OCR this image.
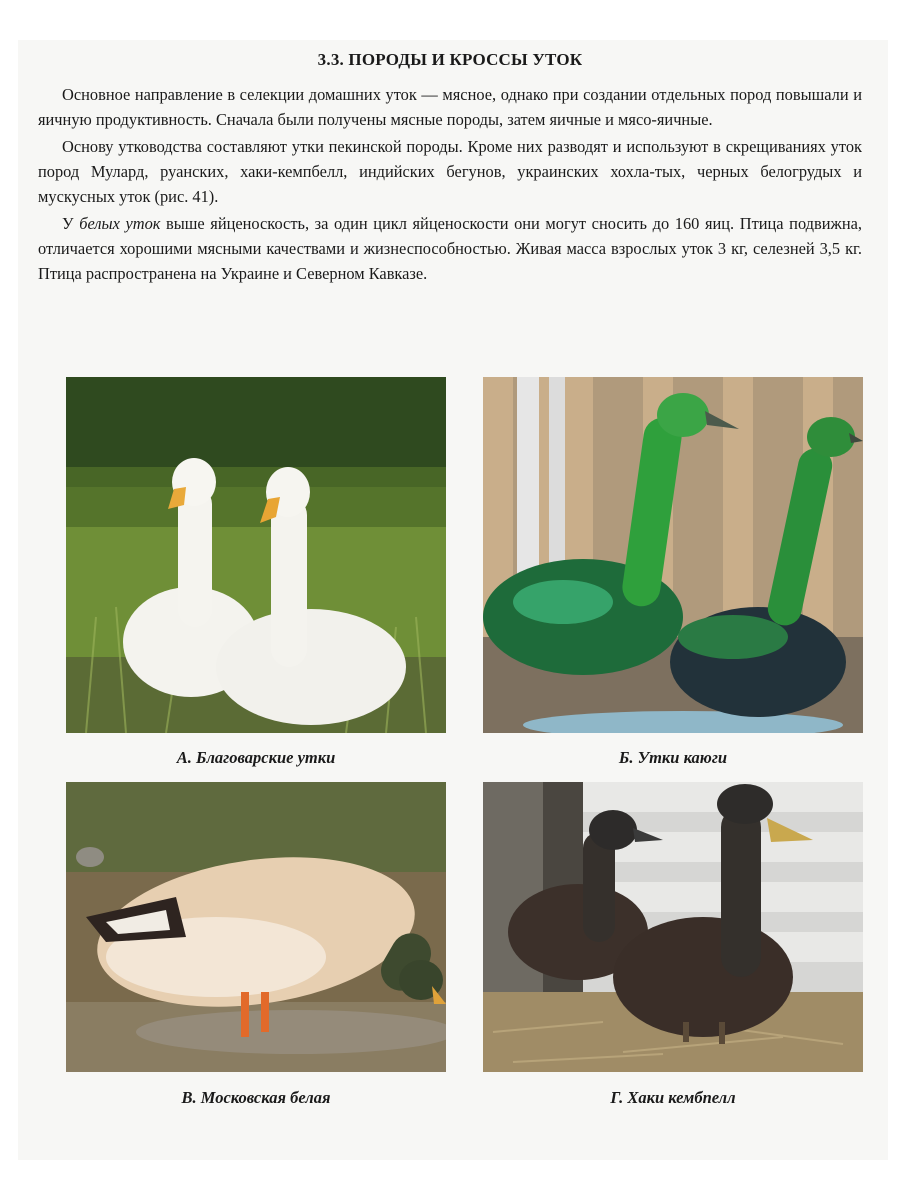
3.3. ПОРОДЫ И КРОССЫ УТОК

Основное направление в селекции домашних уток — мясное, однако при создании отдельных пород повышали и яичную продуктивность. Сначала были получены мясные породы, затем яичные и мясо-яичные.

Основу утководства составляют утки пекинской породы. Кроме них разводят и используют в скрещиваниях уток пород Мулард, руанских, хаки-кемпбелл, индийских бегунов, украинских хохла-тых, черных белогрудых и мускусных уток (рис. 41).

У белых уток выше яйценоскость, за один цикл яйценоскости они могут сносить до 160 яиц. Птица подвижна, отличается хорошими мясными качествами и жизнеспособностью. Живая масса взрослых уток 3 кг, селезней 3,5 кг. Птица распространена на Украине и Северном Кавказе.

А. Благоварские утки	Б. Утки каюги
В. Московская белая	Г. Хаки кембпелл
